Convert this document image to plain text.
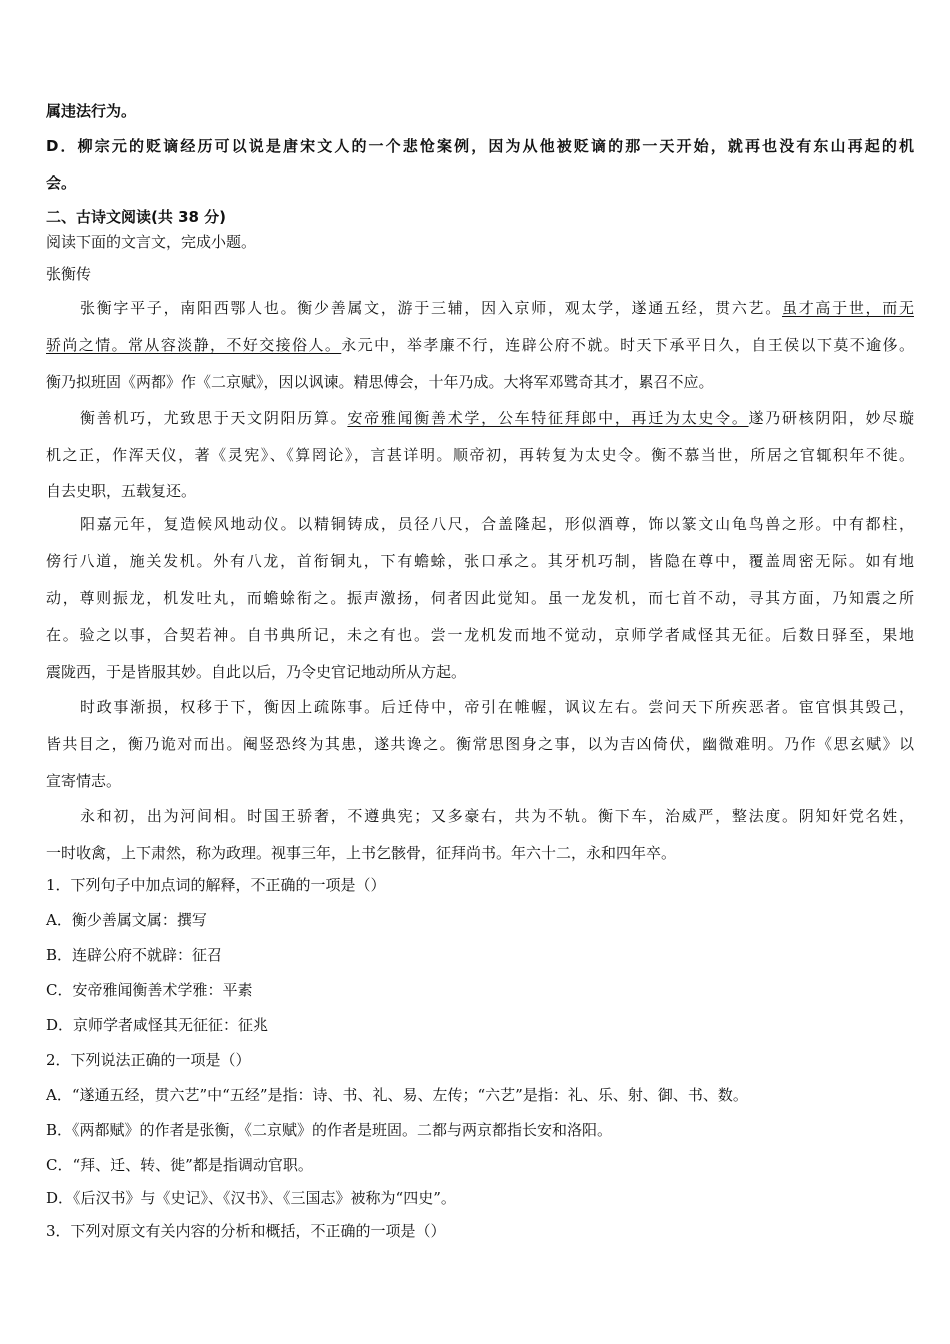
属违法行为。
D．柳宗元的贬谪经历可以说是唐宋文人的一个悲怆案例，因为从他被贬谪的那一天开始，就再也没有东山再起的机
会。
二、古诗文阅读(共 38 分)
阅读下面的文言文，完成小题。
张衡传
张衡字平子，南阳西鄂人也。衡少善属文，游于三辅，因入京师，观太学，遂通五经，贯六艺。虽才高于世，而无
骄尚之情。常从容淡静，不好交接俗人。永元中，举孝廉不行，连辟公府不就。时天下承平日久，自王侯以下莫不逾侈。
衡乃拟班固《两都》作《二京赋》，因以讽谏。精思傅会，十年乃成。大将军邓骘奇其才，累召不应。
衡善机巧，尤致思于天文阴阳历算。安帝雅闻衡善术学，公车特征拜郎中，再迁为太史令。遂乃研核阴阳，妙尽璇
机之正，作浑天仪，著《灵宪》、《算罔论》，言甚详明。顺帝初，再转复为太史令。衡不慕当世，所居之官辄积年不徙。
自去史职，五载复还。
阳嘉元年，复造候风地动仪。以精铜铸成，员径八尺，合盖隆起，形似酒尊，饰以篆文山龟鸟兽之形。中有都柱，
傍行八道，施关发机。外有八龙，首衔铜丸，下有蟾蜍，张口承之。其牙机巧制，皆隐在尊中，覆盖周密无际。如有地
动，尊则振龙，机发吐丸，而蟾蜍衔之。振声激扬，伺者因此觉知。虽一龙发机，而七首不动，寻其方面，乃知震之所
在。验之以事，合契若神。自书典所记，未之有也。尝一龙机发而地不觉动，京师学者咸怪其无征。后数日驿至，果地
震陇西，于是皆服其妙。自此以后，乃令史官记地动所从方起。
时政事渐损，权移于下，衡因上疏陈事。后迁侍中，帝引在帷幄，讽议左右。尝问天下所疾恶者。宦官惧其毁己，
皆共目之，衡乃诡对而出。阉竖恐终为其患，遂共谗之。衡常思图身之事，以为吉凶倚伏，幽微难明。乃作《思玄赋》以
宣寄情志。
永和初，出为河间相。时国王骄奢，不遵典宪；又多豪右，共为不轨。衡下车，治威严，整法度。阴知奸党名姓，
一时收禽，上下肃然，称为政理。视事三年，上书乞骸骨，征拜尚书。年六十二，永和四年卒。
1．下列句子中加点词的解释，不正确的一项是（）
A．衡少善属文属：撰写
B．连辟公府不就辟：征召
C．安帝雅闻衡善术学雅：平素
D．京师学者咸怪其无征征：征兆
2．下列说法正确的一项是（）
A．“遂通五经，贯六艺”中“五经”是指：诗、书、礼、易、左传；“六艺”是指：礼、乐、射、御、书、数。
B．《两都赋》的作者是张衡，《二京赋》的作者是班固。二都与两京都指长安和洛阳。
C．“拜、迁、转、徙”都是指调动官职。
D．《后汉书》与《史记》、《汉书》、《三国志》被称为“四史”。
3．下列对原文有关内容的分析和概括，不正确的一项是（）
